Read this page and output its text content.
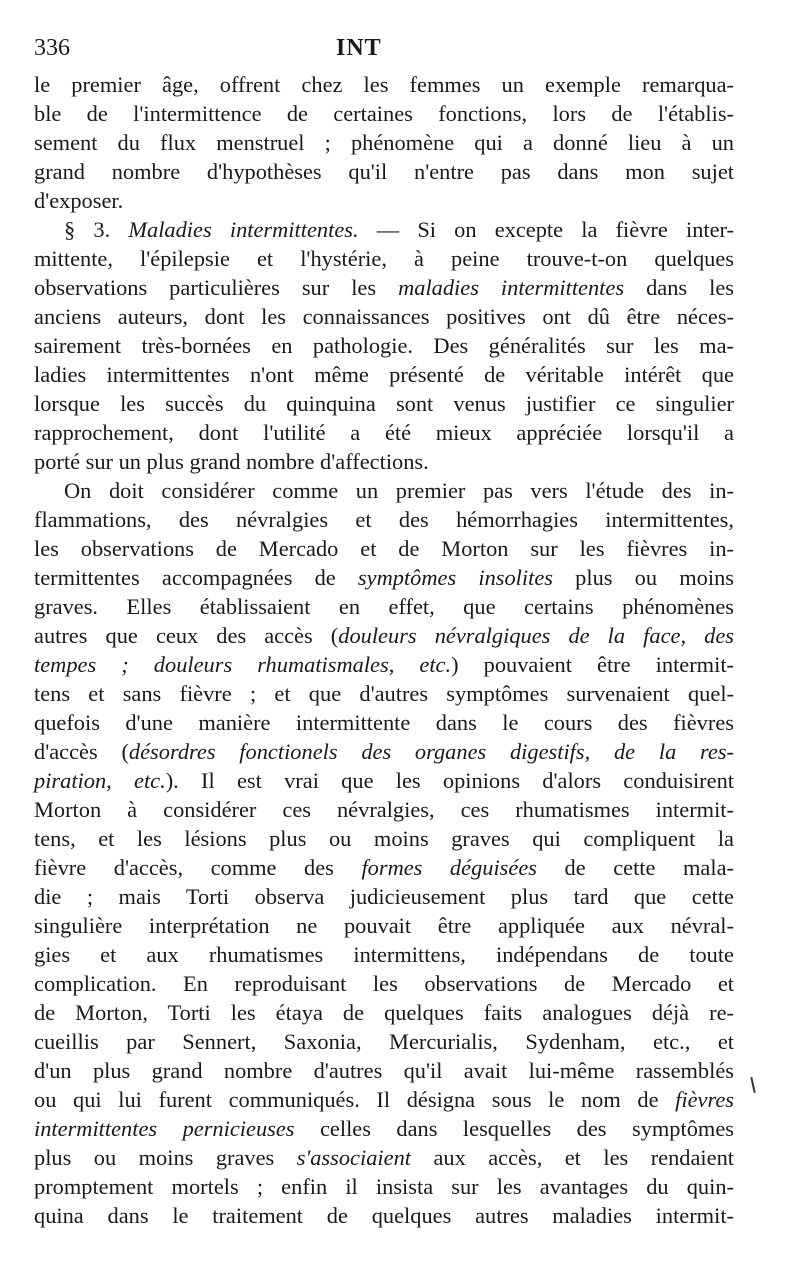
336	INT
le premier âge, offrent chez les femmes un exemple remarqua-
ble de l'intermittence de certaines fonctions, lors de l'établis-
sement du flux menstruel ; phénomène qui a donné lieu à un
grand nombre d'hypothèses qu'il n'entre pas dans mon sujet
d'exposer.
§ 3. Maladies intermittentes. — Si on excepte la fièvre inter-
mittente, l'épilepsie et l'hystérie, à peine trouve-t-on quelques
observations particulières sur les maladies intermittentes dans les
anciens auteurs, dont les connaissances positives ont dû être néces-
sairement très-bornées en pathologie. Des généralités sur les ma-
ladies intermittentes n'ont même présenté de véritable intérêt que
lorsque les succès du quinquina sont venus justifier ce singulier
rapprochement, dont l'utilité a été mieux appréciée lorsqu'il a
porté sur un plus grand nombre d'affections.
On doit considérer comme un premier pas vers l'étude des in-
flammations, des névralgies et des hémorrhagies intermittentes,
les observations de Mercado et de Morton sur les fièvres in-
termittentes accompagnées de symptômes insolites plus ou moins
graves. Elles établissaient en effet, que certains phénomènes
autres que ceux des accès (douleurs névralgiques de la face, des
tempes ; douleurs rhumatismales, etc.) pouvaient être intermit-
tens et sans fièvre ; et que d'autres symptômes survenaient quel-
quefois d'une manière intermittente dans le cours des fièvres
d'accès (désordres fonctionels des organes digestifs, de la res-
piration, etc.). Il est vrai que les opinions d'alors conduisirent
Morton à considérer ces névralgies, ces rhumatismes intermit-
tens, et les lésions plus ou moins graves qui compliquent la
fièvre d'accès, comme des formes déguisées de cette mala-
die ; mais Torti observa judicieusement plus tard que cette
singulière interprétation ne pouvait être appliquée aux névral-
gies et aux rhumatismes intermittens, indépendans de toute
complication. En reproduisant les observations de Mercado et
de Morton, Torti les étaya de quelques faits analogues déjà re-
cueillis par Sennert, Saxonia, Mercurialis, Sydenham, etc., et
d'un plus grand nombre d'autres qu'il avait lui-même rassemblés
ou qui lui furent communiqués. Il désigna sous le nom de fièvres
intermittentes pernicieuses celles dans lesquelles des symptômes
plus ou moins graves s'associaient aux accès, et les rendaient
promptement mortels ; enfin il insista sur les avantages du quin-
quina dans le traitement de quelques autres maladies intermit-
